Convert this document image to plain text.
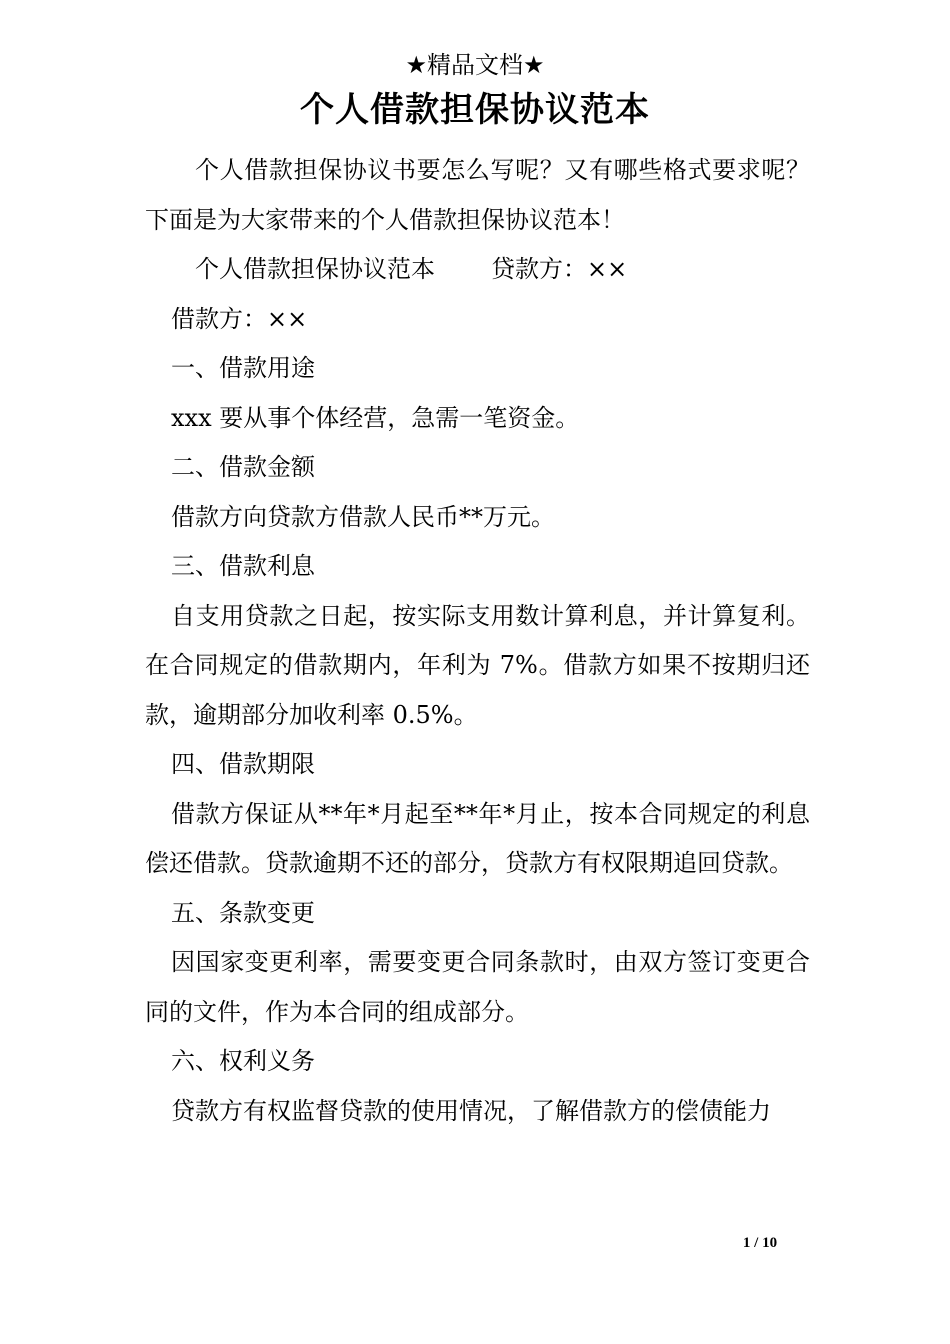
★精品文档★
个人借款担保协议范本

个人借款担保协议书要怎么写呢？又有哪些格式要求呢？下面是为大家带来的个人借款担保协议范本！

个人借款担保协议范本 贷款方：××

借款方：××

一、借款用途

xxx 要从事个体经营，急需一笔资金。

二、借款金额

借款方向贷款方借款人民币**万元。

三、借款利息

自支用贷款之日起，按实际支用数计算利息，并计算复利。在合同规定的借款期内，年利为 7%。借款方如果不按期归还款，逾期部分加收利率 0.5%。

四、借款期限

借款方保证从**年*月起至**年*月止，按本合同规定的利息偿还借款。贷款逾期不还的部分，贷款方有权限期追回贷款。

五、条款变更

因国家变更利率，需要变更合同条款时，由双方签订变更合同的文件，作为本合同的组成部分。

六、权利义务

贷款方有权监督贷款的使用情况，了解借款方的偿债能力

1 / 10
